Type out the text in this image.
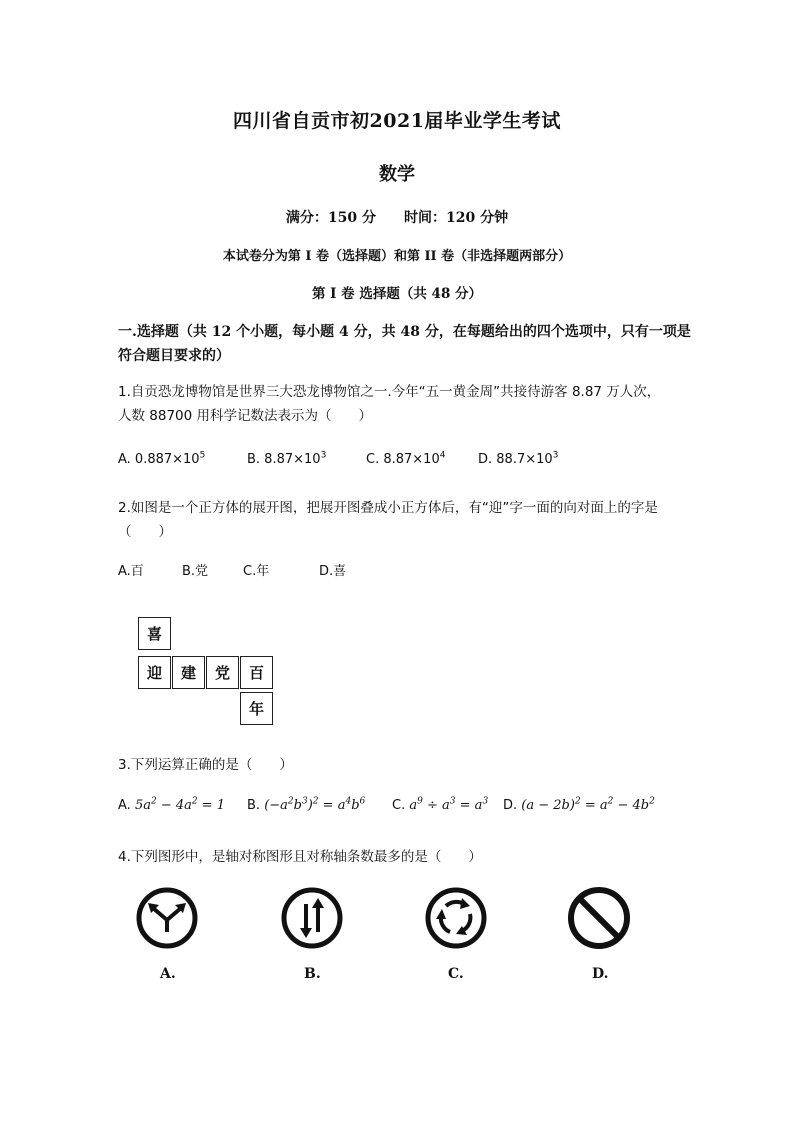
四川省自贡市初2021届毕业学生考试
数学
满分：150 分　　时间：120 分钟
本试卷分为第 I 卷（选择题）和第 II 卷（非选择题两部分）
第 I 卷 选择题（共 48 分）
一.选择题（共 12 个小题，每小题 4 分，共 48 分，在每题给出的四个选项中，只有一项是
符合题目要求的）
1.自贡恐龙博物馆是世界三大恐龙博物馆之一.今年“五一黄金周”共接待游客 8.87 万人次，
人数 88700 用科学记数法表示为（　　）
A. $0.887\times 10^5$	B. $8.87\times 10^3$	C. $8.87\times 10^4$	D. $88.7\times 10^3$
2.如图是一个正方体的展开图，把展开图叠成小正方体后，有“迎”字一面的向对面上的字是
（　　）
A.百	B.党	C.年	D.喜
喜
迎	建	党	百
年
3.下列运算正确的是（　　）
A. $5a^2 - 4a^2 = 1$ B. $(-a^2b^3)^2 = a^4b^6$ C. $a^9 \div a^3 = a^3$ D. $(a - 2b)^2 = a^2 - 4b^2$
4.下列图形中，是轴对称图形且对称轴条数最多的是（　　）
A.	B.	C.	D.
